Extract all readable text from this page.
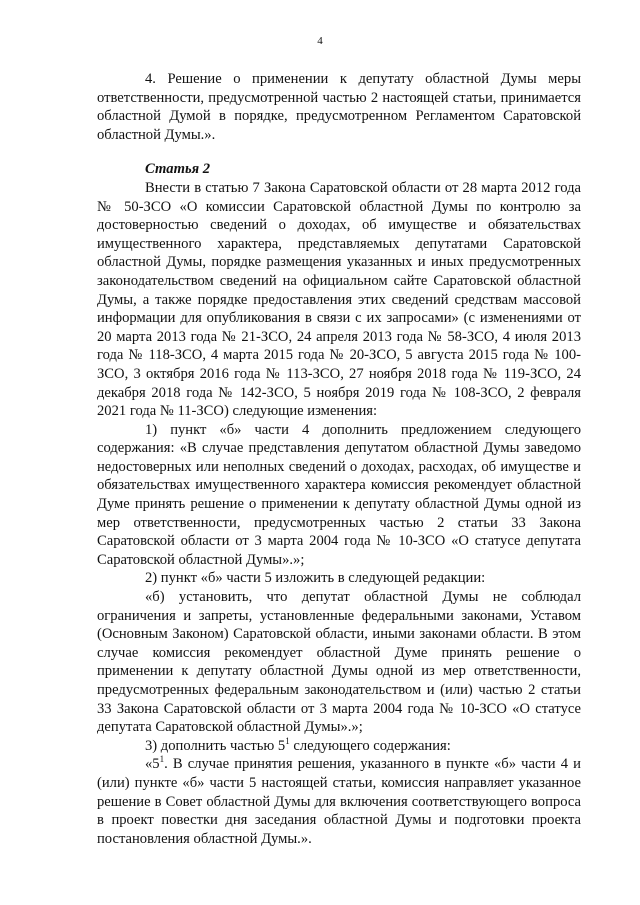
4

4. Решение о применении к депутату областной Думы меры ответственности, предусмотренной частью 2 настоящей статьи, принимается областной Думой в порядке, предусмотренном Регламентом Саратовской областной Думы.».

Статья 2

Внести в статью 7 Закона Саратовской области от 28 марта 2012 года № 50-ЗСО «О комиссии Саратовской областной Думы по контролю за достоверностью сведений о доходах, об имуществе и обязательствах имущественного характера, представляемых депутатами Саратовской областной Думы, порядке размещения указанных и иных предусмотренных законодательством сведений на официальном сайте Саратовской областной Думы, а также порядке предоставления этих сведений средствам массовой информации для опубликования в связи с их запросами» (с изменениями от 20 марта 2013 года № 21-ЗСО, 24 апреля 2013 года № 58-ЗСО, 4 июля 2013 года № 118-ЗСО, 4 марта 2015 года № 20-ЗСО, 5 августа 2015 года № 100-ЗСО, 3 октября 2016 года № 113-ЗСО, 27 ноября 2018 года № 119-ЗСО, 24 декабря 2018 года № 142-ЗСО, 5 ноября 2019 года № 108-ЗСО, 2 февраля 2021 года № 11-ЗСО) следующие изменения:

1) пункт «б» части 4 дополнить предложением следующего содержания: «В случае представления депутатом областной Думы заведомо недостоверных или неполных сведений о доходах, расходах, об имуществе и обязательствах имущественного характера комиссия рекомендует областной Думе принять решение о применении к депутату областной Думы одной из мер ответственности, предусмотренных частью 2 статьи 33 Закона Саратовской области от 3 марта 2004 года № 10-ЗСО «О статусе депутата Саратовской областной Думы».»;

2) пункт «б» части 5 изложить в следующей редакции:

«б) установить, что депутат областной Думы не соблюдал ограничения и запреты, установленные федеральными законами, Уставом (Основным Законом) Саратовской области, иными законами области. В этом случае комиссия рекомендует областной Думе принять решение о применении к депутату областной Думы одной из мер ответственности, предусмотренных федеральным законодательством и (или) частью 2 статьи 33 Закона Саратовской области от 3 марта 2004 года № 10-ЗСО «О статусе депутата Саратовской областной Думы».»;

3) дополнить частью $5^1$ следующего содержания:

«$5^1$. В случае принятия решения, указанного в пункте «б» части 4 и (или) пункте «б» части 5 настоящей статьи, комиссия направляет указанное решение в Совет областной Думы для включения соответствующего вопроса в проект повестки дня заседания областной Думы и подготовки проекта постановления областной Думы.».
